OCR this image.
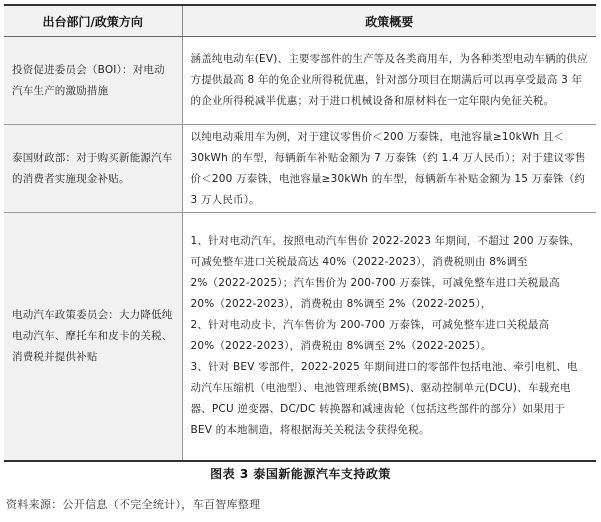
出台部门/政策方向	政策概要
投资促进委员会（BOI）：对电动汽车生产的激励措施	涵盖纯电动车(EV)、主要零部件的生产等及各类商用车，为各种类型电动车辆的供应方提供最高 8 年的免企业所得税优惠，针对部分项目在期满后可以再享受最高 3 年的企业所得税减半优惠；对于进口机械设备和原材料在一定年限内免征关税。

泰国财政部：对于购买新能源汽车的消费者实施现金补贴。	以纯电动乘用车为例，对于建议零售价＜200 万泰铢，电池容量≥10kWh 且＜30kWh 的车型，每辆新车补贴金额为 7 万泰铢（约 1.4 万人民币）；对于建议零售价＜200 万泰铢，电池容量≥30kWh 的车型，每辆新车补贴金额为 15 万泰铢（约 3 万人民币）。

电动汽车政策委员会：大力降低纯电动汽车、摩托车和皮卡的关税、消费税并提供补贴	1、针对电动汽车，按照电动汽车售价 2022-2023 年期间，不超过 200 万泰铢，可减免整车进口关税最高达 40%（2022-2023），消费税则由 8%调至 2%（2022-2025）；汽车售价为 200-700 万泰铢，可减免整车进口关税最高 20%（2022-2023），消费税由 8%调至 2%（2022-2025），

2、针对电动皮卡，汽车售价为 200-700 万泰铢，可减免整车进口关税最高 20%（2022-2023），消费税由 8%调至 2%（2022-2025）。

3、针对 BEV 零部件，2022-2025 年期间进口的零部件包括电池、牵引电机、电动汽车压缩机（电池型）、电池管理系统(BMS)、驱动控制单元(DCU)、车载充电器、PCU 逆变器、DC/DC 转换器和减速齿轮（包括这些部件的部分）如果用于 BEV 的本地制造，将根据海关关税法令获得免税。

图表 3 泰国新能源汽车支持政策
资料来源：公开信息（不完全统计），车百智库整理
